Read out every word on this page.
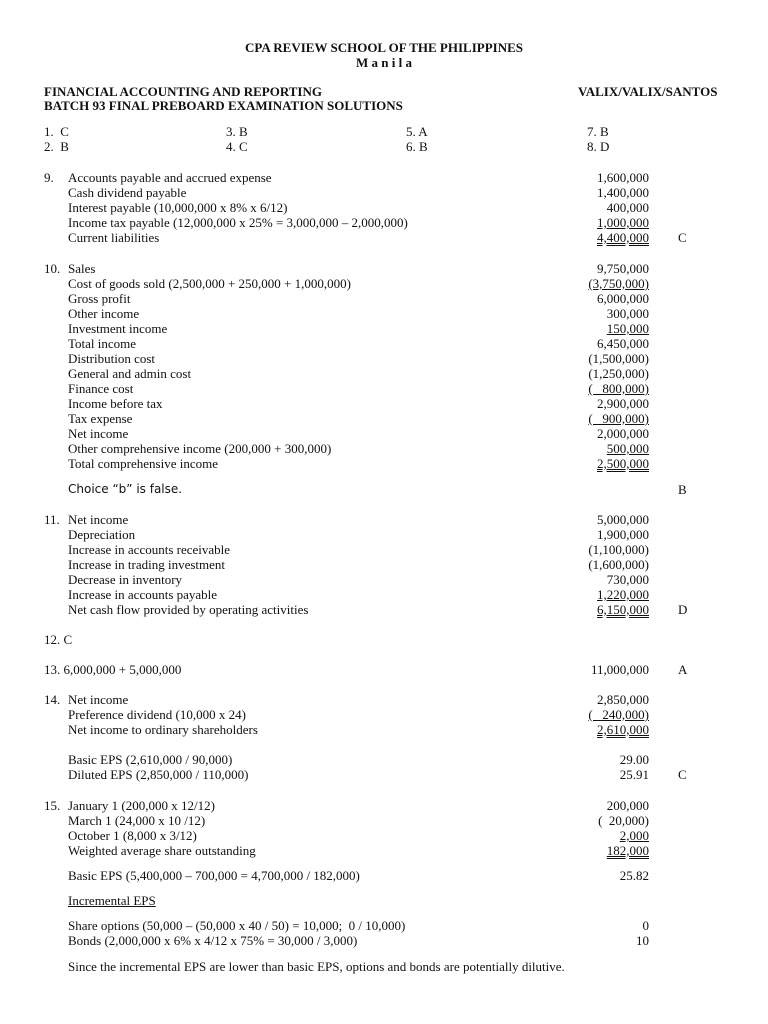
CPA REVIEW SCHOOL OF THE PHILIPPINES
M a n i l a
FINANCIAL ACCOUNTING AND REPORTING	VALIX/VALIX/SANTOS
BATCH 93 FINAL PREBOARD EXAMINATION SOLUTIONS
1.  C
2.  B
3. B
4. C
5. A
6. B
7. B
8. D
9. Accounts payable and accrued expense	1,600,000
Cash dividend payable	1,400,000
Interest payable (10,000,000 x 8% x 6/12)	400,000
Income tax payable (12,000,000 x 25% = 3,000,000 – 2,000,000)	1,000,000
Current liabilities	4,400,000 C
10. Sales	9,750,000
Cost of goods sold (2,500,000 + 250,000 + 1,000,000)	(3,750,000)
Gross profit	6,000,000
Other income	300,000
Investment income	150,000
Total income	6,450,000
Distribution cost	(1,500,000)
General and admin cost	(1,250,000)
Finance cost	(   800,000)
Income before tax	2,900,000
Tax expense	(   900,000)
Net income	2,000,000
Other comprehensive income (200,000 + 300,000)	500,000
Total comprehensive income	2,500,000
Choice “b” is false.	B
11. Net income	5,000,000
Depreciation	1,900,000
Increase in accounts receivable	(1,100,000)
Increase in trading investment	(1,600,000)
Decrease in inventory	730,000
Increase in accounts payable	1,220,000
Net cash flow provided by operating activities	6,150,000 D
12. C
13. 6,000,000 + 5,000,000	11,000,000 A
14. Net income	2,850,000
Preference dividend (10,000 x 24)	(   240,000)
Net income to ordinary shareholders	2,610,000
Basic EPS (2,610,000 / 90,000)	29.00
Diluted EPS (2,850,000 / 110,000)	25.91 C
15. January 1 (200,000 x 12/12)	200,000
March 1 (24,000 x 10 /12)	(  20,000)
October 1 (8,000 x 3/12)	2,000
Weighted average share outstanding	182,000
Basic EPS (5,400,000 – 700,000 = 4,700,000 / 182,000)	25.82
Incremental EPS
Share options (50,000 – (50,000 x 40 / 50) = 10,000;  0 / 10,000)	0
Bonds (2,000,000 x 6% x 4/12 x 75% = 30,000 / 3,000)	10
Since the incremental EPS are lower than basic EPS, options and bonds are potentially dilutive.
